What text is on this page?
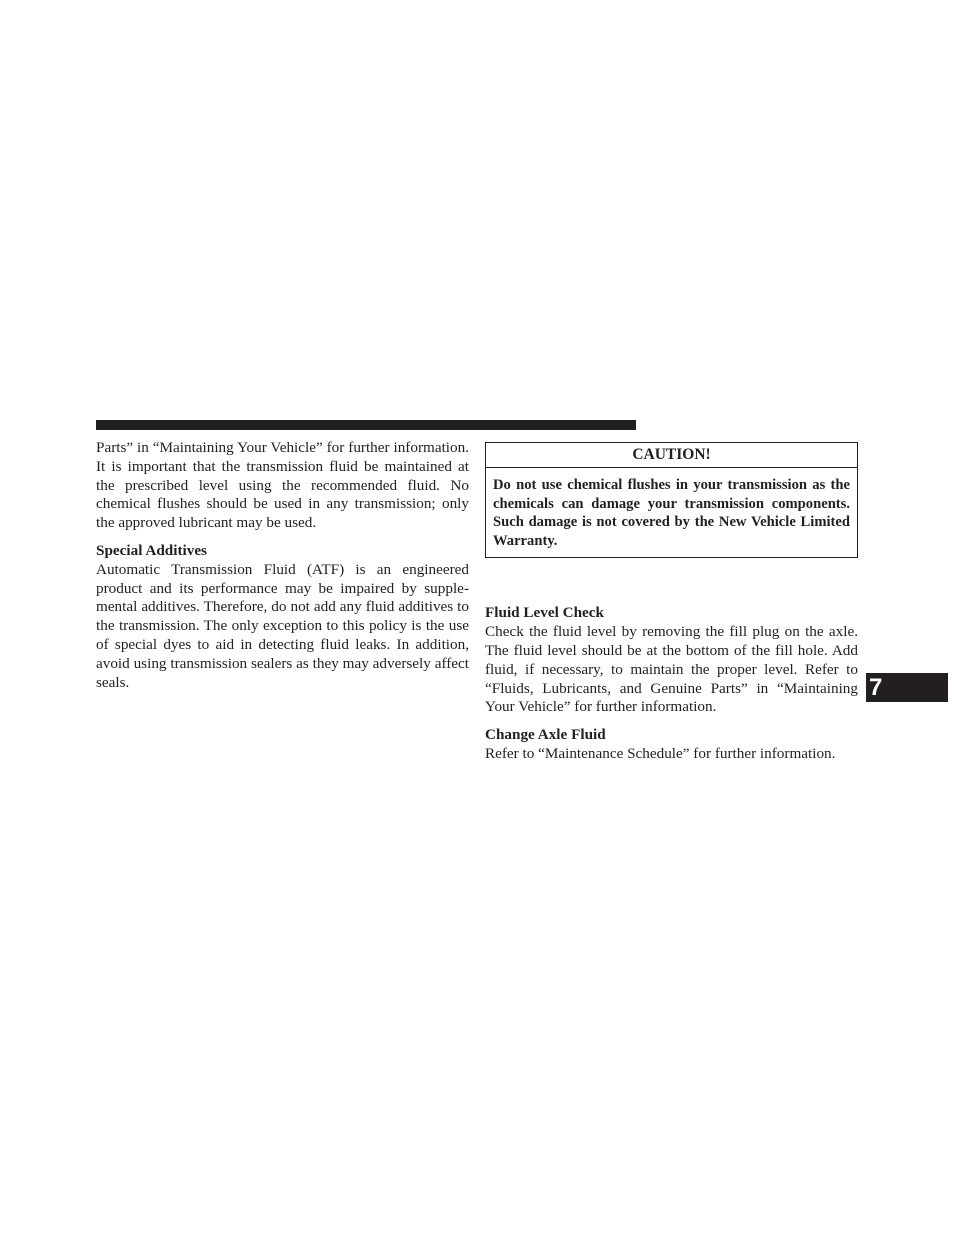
Parts” in “Maintaining Your Vehicle” for further information. It is important that the transmission fluid be maintained at the prescribed level using the recommended fluid. No chemical flushes should be used in any transmission; only the approved lubricant may be used.

Special Additives

Automatic Transmission Fluid (ATF) is an engineered product and its performance may be impaired by supplemental additives. Therefore, do not add any fluid additives to the transmission. The only exception to this policy is the use of special dyes to aid in detecting fluid leaks. In addition, avoid using transmission sealers as they may adversely affect seals.

CAUTION!
Do not use chemical flushes in your transmission as the chemicals can damage your transmission components. Such damage is not covered by the New Vehicle Limited Warranty.

Fluid Level Check

Check the fluid level by removing the fill plug on the axle. The fluid level should be at the bottom of the fill hole. Add fluid, if necessary, to maintain the proper level. Refer to “Fluids, Lubricants, and Genuine Parts” in “Maintaining Your Vehicle” for further information.

Change Axle Fluid

Refer to “Maintenance Schedule” for further information.

7
